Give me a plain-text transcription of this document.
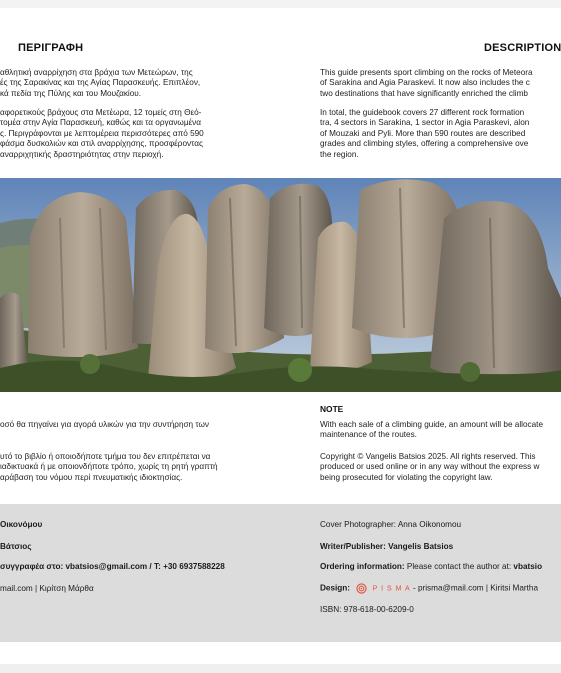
ΠΕΡΙΓΡΑΦΗ
αθλητική αναρρίχηση στα βράχια των Μετεώρων, της
ές της Σαρακίνας και της Αγίας Παρασκευής. Επιπλέον,
κά πεδία της Πύλης και του Μουζακίου.
αφορετικούς βράχους στα Μετέωρα, 12 τομείς στη Θεό-
τομέα στην Αγία Παρασκευή, καθώς και τα οργανωμένα
ς. Περιγράφονται με λεπτομέρεια περισσότερες από 590
φάσμα δυσκολιών και στιλ αναρρίχησης, προσφέροντας
αναρριχητικής δραστηριότητας στην περιοχή.
DESCRIPTION
This guide presents sport climbing on the rocks of Meteora
of Sarakina and Agia Paraskevi. It now also includes the c
two destinations that have significantly enriched the climb
In total, the guidebook covers 27 different rock formation
tra, 4 sectors in Sarakina, 1 sector in Agia Paraskevi, alon
of Mouzaki and Pyli. More than 590 routes are described
grades and climbing styles, offering a comprehensive ove
the region.
οσό θα πηγαίνει για αγορά υλικών για την συντήρηση των
υτό το βιβλίο ή οποιοδήποτε τμήμα του δεν επιτρέπεται να
ιαδικτυακά ή με οποιονδήποτε τρόπο, χωρίς τη ρητή γραπτή
αράβαση του νόμου περί πνευματικής ιδιοκτησίας.
NOTE
With each sale of a climbing guide, an amount will be allocate
maintenance of the routes.
Copyright © Vangelis Batsios 2025. All rights reserved. This
produced or used online or in any way without the express w
being prosecuted for violating the copyright law.
Οικονόμου
Βάτσιος
συγγραφέα στο: vbatsios@gmail.com / T: +30 6937588228
mail.com | Κιρίτση Μάρθα
Cover Photographer: Anna Oikonomou
Writer/Publisher: Vangelis Batsios
Ordering information: Please contact the author at: vbatsio
Design:	Ρ Ι S Μ Α - prisma@mail.com | Kiritsi Martha
ISBN: 978-618-00-6209-0
